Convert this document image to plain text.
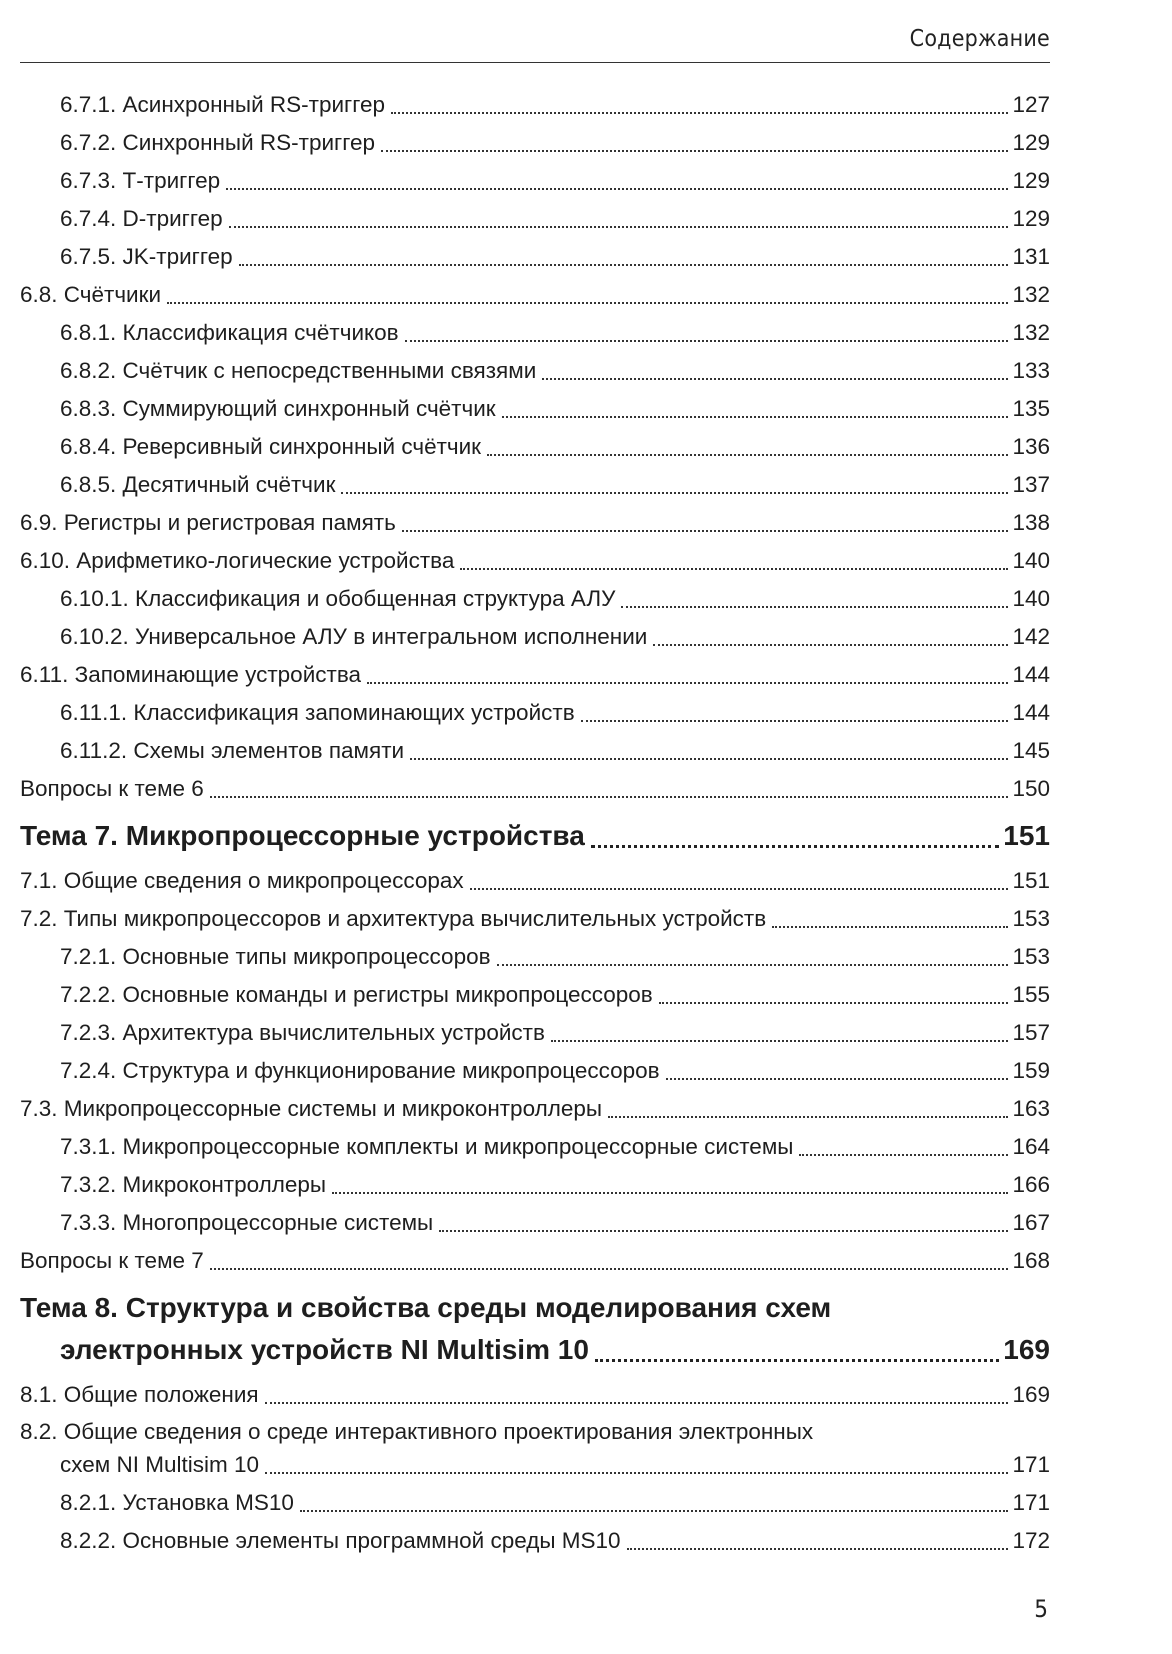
Содержание
6.7.1. Асинхронный RS-триггер	127
6.7.2. Синхронный RS-триггер	129
6.7.3. Т-триггер	129
6.7.4. D-триггер	129
6.7.5. JK-триггер	131
6.8. Счётчики	132
6.8.1. Классификация счётчиков	132
6.8.2. Счётчик с непосредственными связями	133
6.8.3. Суммирующий синхронный счётчик	135
6.8.4. Реверсивный синхронный счётчик	136
6.8.5. Десятичный счётчик	137
6.9. Регистры и регистровая память	138
6.10. Арифметико-логические устройства	140
6.10.1. Классификация и обобщенная структура АЛУ	140
6.10.2. Универсальное АЛУ в интегральном исполнении	142
6.11. Запоминающие устройства	144
6.11.1. Классификация запоминающих устройств	144
6.11.2. Схемы элементов памяти	145
Вопросы к теме 6	150
Тема 7. Микропроцессорные устройства	151
7.1. Общие сведения о микропроцессорах	151
7.2. Типы микропроцессоров и архитектура вычислительных устройств	153
7.2.1. Основные типы микропроцессоров	153
7.2.2. Основные команды и регистры микропроцессоров	155
7.2.3. Архитектура вычислительных устройств	157
7.2.4. Структура и функционирование микропроцессоров	159
7.3. Микропроцессорные системы и микроконтроллеры	163
7.3.1. Микропроцессорные комплекты и микропроцессорные системы	164
7.3.2. Микроконтроллеры	166
7.3.3. Многопроцессорные системы	167
Вопросы к теме 7	168
Тема 8. Структура и свойства среды моделирования схем
электронных устройств NI Multisim 10	169
8.1. Общие положения	169
8.2. Общие сведения о среде интерактивного проектирования электронных
схем NI Multisim 10	171
8.2.1. Установка MS10	171
8.2.2. Основные элементы программной среды MS10	172
5
